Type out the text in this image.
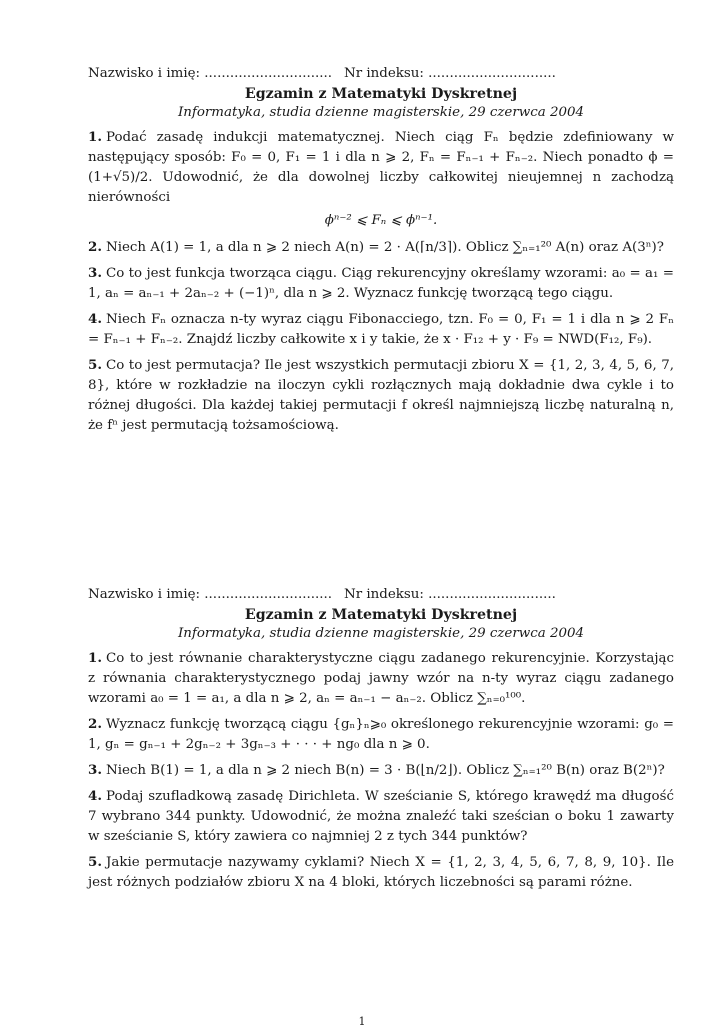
Nazwisko i imię: .............................. Nr indeksu: ..............................
Egzamin z Matematyki Dyskretnej
Informatyka, studia dzienne magisterskie, 29 czerwca 2004
1. Podać zasadę indukcji matematycznej. Niech ciąg Fₙ będzie zdefiniowany w następujący sposób: F₀ = 0, F₁ = 1 i dla n ⩾ 2, Fₙ = Fₙ₋₁ + Fₙ₋₂. Niech ponadto ϕ = (1+√5)/2. Udowodnić, że dla dowolnej liczby całkowitej nieujemnej n zachodzą nierówności
ϕⁿ⁻² ⩽ Fₙ ⩽ ϕⁿ⁻¹.
2. Niech A(1) = 1, a dla n ⩾ 2 niech A(n) = 2 · A(⌈n/3⌉). Oblicz ∑ₙ₌₁²⁰ A(n) oraz A(3ⁿ)?
3. Co to jest funkcja tworząca ciągu. Ciąg rekurencyjny określamy wzorami: a₀ = a₁ = 1, aₙ = aₙ₋₁ + 2aₙ₋₂ + (−1)ⁿ, dla n ⩾ 2. Wyznacz funkcję tworzącą tego ciągu.
4. Niech Fₙ oznacza n-ty wyraz ciągu Fibonacciego, tzn. F₀ = 0, F₁ = 1 i dla n ⩾ 2 Fₙ = Fₙ₋₁ + Fₙ₋₂. Znajdź liczby całkowite x i y takie, że x · F₁₂ + y · F₉ = NWD(F₁₂, F₉).
5. Co to jest permutacja? Ile jest wszystkich permutacji zbioru X = {1, 2, 3, 4, 5, 6, 7, 8}, które w rozkładzie na iloczyn cykli rozłącznych mają dokładnie dwa cykle i to różnej długości. Dla każdej takiej permutacji f określ najmniejszą liczbę naturalną n, że fⁿ jest permutacją tożsamościową.
Nazwisko i imię: .............................. Nr indeksu: ..............................
Egzamin z Matematyki Dyskretnej
Informatyka, studia dzienne magisterskie, 29 czerwca 2004
1. Co to jest równanie charakterystyczne ciągu zadanego rekurencyjnie. Korzystając z równania charakterystycznego podaj jawny wzór na n-ty wyraz ciągu zadanego wzorami a₀ = 1 = a₁, a dla n ⩾ 2, aₙ = aₙ₋₁ − aₙ₋₂. Oblicz ∑ₙ₌₀¹⁰⁰.
2. Wyznacz funkcję tworzącą ciągu {gₙ}ₙ⩾₀ określonego rekurencyjnie wzorami: g₀ = 1, gₙ = gₙ₋₁ + 2gₙ₋₂ + 3gₙ₋₃ + · · · + ng₀ dla n ⩾ 0.
3. Niech B(1) = 1, a dla n ⩾ 2 niech B(n) = 3 · B(⌊n/2⌋). Oblicz ∑ₙ₌₁²⁰ B(n) oraz B(2ⁿ)?
4. Podaj szufladkową zasadę Dirichleta. W sześcianie S, którego krawędź ma długość 7 wybrano 344 punkty. Udowodnić, że można znaleźć taki sześcian o boku 1 zawarty w sześcianie S, który zawiera co najmniej 2 z tych 344 punktów?
5. Jakie permutacje nazywamy cyklami? Niech X = {1, 2, 3, 4, 5, 6, 7, 8, 9, 10}. Ile jest różnych podziałów zbioru X na 4 bloki, których liczebności są parami różne.
1
